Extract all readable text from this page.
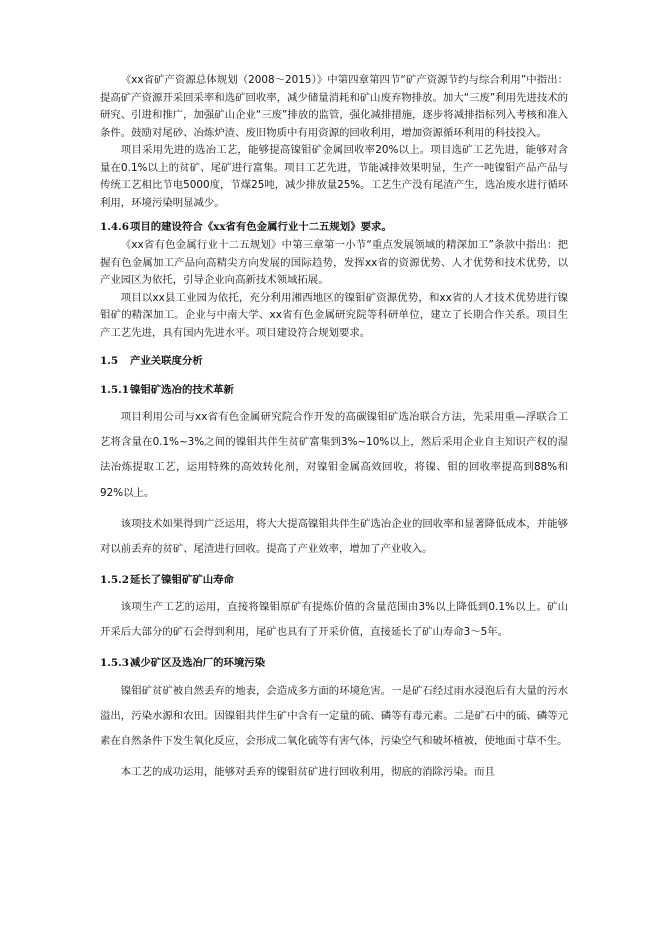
《xx省矿产资源总体规划（2008～2015）》中第四章第四节“矿产资源节约与综合利用”中指出：提高矿产资源开采回采率和选矿回收率，减少储量消耗和矿山废弃物排放。加大“三废”利用先进技术的研究、引进和推广，加强矿山企业“三废”排放的监管，强化减排措施，逐步将减排指标列入考核和准入条件。鼓励对尾砂、冶炼炉渣、废旧物质中有用资源的回收利用，增加资源循环利用的科技投入。

项目采用先进的选冶工艺，能够提高镍钼矿金属回收率20%以上。项目选矿工艺先进，能够对含量在0.1%以上的贫矿、尾矿进行富集。项目工艺先进，节能减排效果明显，生产一吨镍钼产品产品与传统工艺相比节电5000度，节煤25吨，减少排放量25%。工艺生产没有尾渣产生，选冶废水进行循环利用，环境污染明显减少。

1.4.6项目的建设符合《xx省有色金属行业十二五规划》要求。

《xx省有色金属行业十二五规划》中第三章第一小节“重点发展领域的精深加工”条款中指出：把握有色金属加工产品向高精尖方向发展的国际趋势，发挥xx省的资源优势、人才优势和技术优势，以产业园区为依托，引导企业向高新技术领域拓展。

项目以xx县工业园为依托，充分利用湘西地区的镍钼矿资源优势，和xx省的人才技术优势进行镍钼矿的精深加工。企业与中南大学、xx省有色金属研究院等科研单位，建立了长期合作关系。项目生产工艺先进，具有国内先进水平。项目建设符合规划要求。

1.5 产业关联度分析
1.5.1镍钼矿选冶的技术革新

项目利用公司与xx省有色金属研究院合作开发的高碳镍钼矿选冶联合方法，先采用重—浮联合工艺将含量在0.1%~3%之间的镍钼共伴生贫矿富集到3%~10%以上，然后采用企业自主知识产权的湿法冶炼提取工艺，运用特殊的高效转化剂，对镍钼金属高效回收，将镍、钼的回收率提高到88%和92%以上。

该项技术如果得到广泛运用，将大大提高镍钼共伴生矿选冶企业的回收率和显著降低成本，并能够对以前丢弃的贫矿、尾渣进行回收。提高了产业效率，增加了产业收入。

1.5.2延长了镍钼矿矿山寿命

该项生产工艺的运用，直接将镍钼原矿有提炼价值的含量范围由3%以上降低到0.1%以上。矿山开采后大部分的矿石会得到利用，尾矿也具有了开采价值，直接延长了矿山寿命3～5年。

1.5.3减少矿区及选冶厂的环境污染

镍钼矿贫矿被自然丢弃的地表，会造成多方面的环境危害。一是矿石经过雨水浸泡后有大量的污水溢出，污染水源和农田。因镍钼共伴生矿中含有一定量的硫、磷等有毒元素。二是矿石中的硫、磷等元素在自然条件下发生氧化反应，会形成二氧化硫等有害气体，污染空气和破坏植被，使地面寸草不生。

本工艺的成功运用，能够对丢弃的镍钼贫矿进行回收利用，彻底的消除污染。而且
